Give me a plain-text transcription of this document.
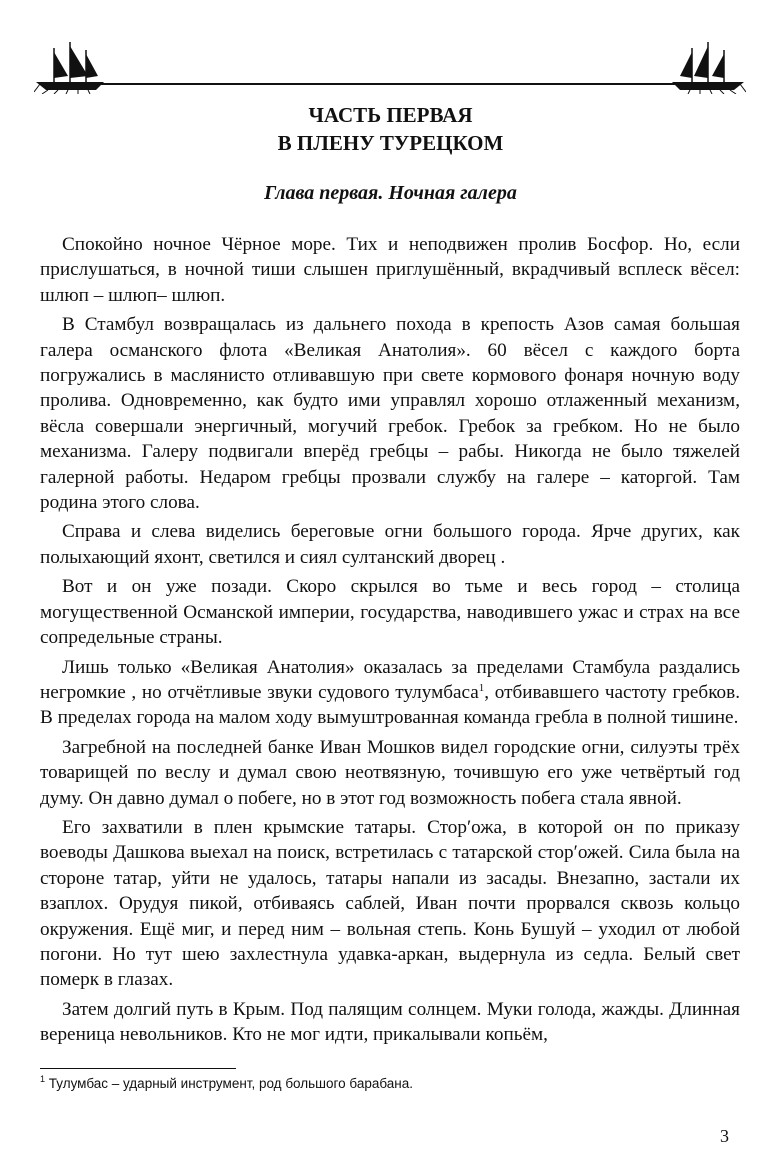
ЧАСТЬ ПЕРВАЯ
В ПЛЕНУ ТУРЕЦКОМ
Глава первая. Ночная галера

Спокойно ночное Чёрное море. Тих и неподвижен пролив Босфор. Но, если прислушаться, в ночной тиши слышен приглушённый, вкрадчивый всплеск вёсел: шлюп – шлюп– шлюп.

В Стамбул возвращалась из дальнего похода в крепость Азов самая большая галера османского флота «Великая Анатолия». 60 вёсел с каждого борта погружались в маслянисто отливавшую при свете кормового фонаря ночную воду пролива. Одновременно, как будто ими управлял хорошо отлаженный механизм, вёсла совершали энергичный, могучий гребок. Гребок за гребком. Но не было механизма. Галеру подвигали вперёд гребцы – рабы. Никогда не было тяжелей галерной работы. Недаром гребцы прозвали службу на галере – каторгой. Там родина этого слова.

Справа и слева виделись береговые огни большого города. Ярче других, как полыхающий яхонт, светился и сиял султанский дворец .

Вот и он уже позади. Скоро скрылся во тьме и весь город – столица могущественной Османской империи, государства, наводившего ужас и страх на все сопредельные страны.

Лишь только «Великая Анатолия» оказалась за пределами Стамбула раздались негромкие , но отчётливые звуки судового тулумбаса$^1$, отбивавшего частоту гребков. В пределах города на малом ходу вымуштрованная команда гребла в полной тишине.

Загребной на последней банке Иван Мошков видел городские огни, силуэты трёх товарищей по веслу и думал свою неотвязную, точившую его уже четвёртый год думу. Он давно думал о побеге, но в этот год возможность побега стала явной.

Его захватили в плен крымские татары. Стор′ожа, в которой он по приказу воеводы Дашкова выехал на поиск, встретилась с татарской стор′ожей. Сила была на стороне татар, уйти не удалось, татары напали из засады. Внезапно, застали их взаплох. Орудуя пикой, отбиваясь саблей, Иван почти прорвался сквозь кольцо окружения. Ещё миг, и перед ним – вольная степь. Конь Бушуй – уходил от любой погони. Но тут шею захлестнула удавка-аркан, выдернула из седла. Белый свет померк в глазах.

Затем долгий путь в Крым. Под палящим солнцем. Муки голода, жажды. Длинная вереница невольников. Кто не мог идти, прикалывали копьём,

$^1$ Тулумбас – ударный инструмент, род большого барабана.
3
